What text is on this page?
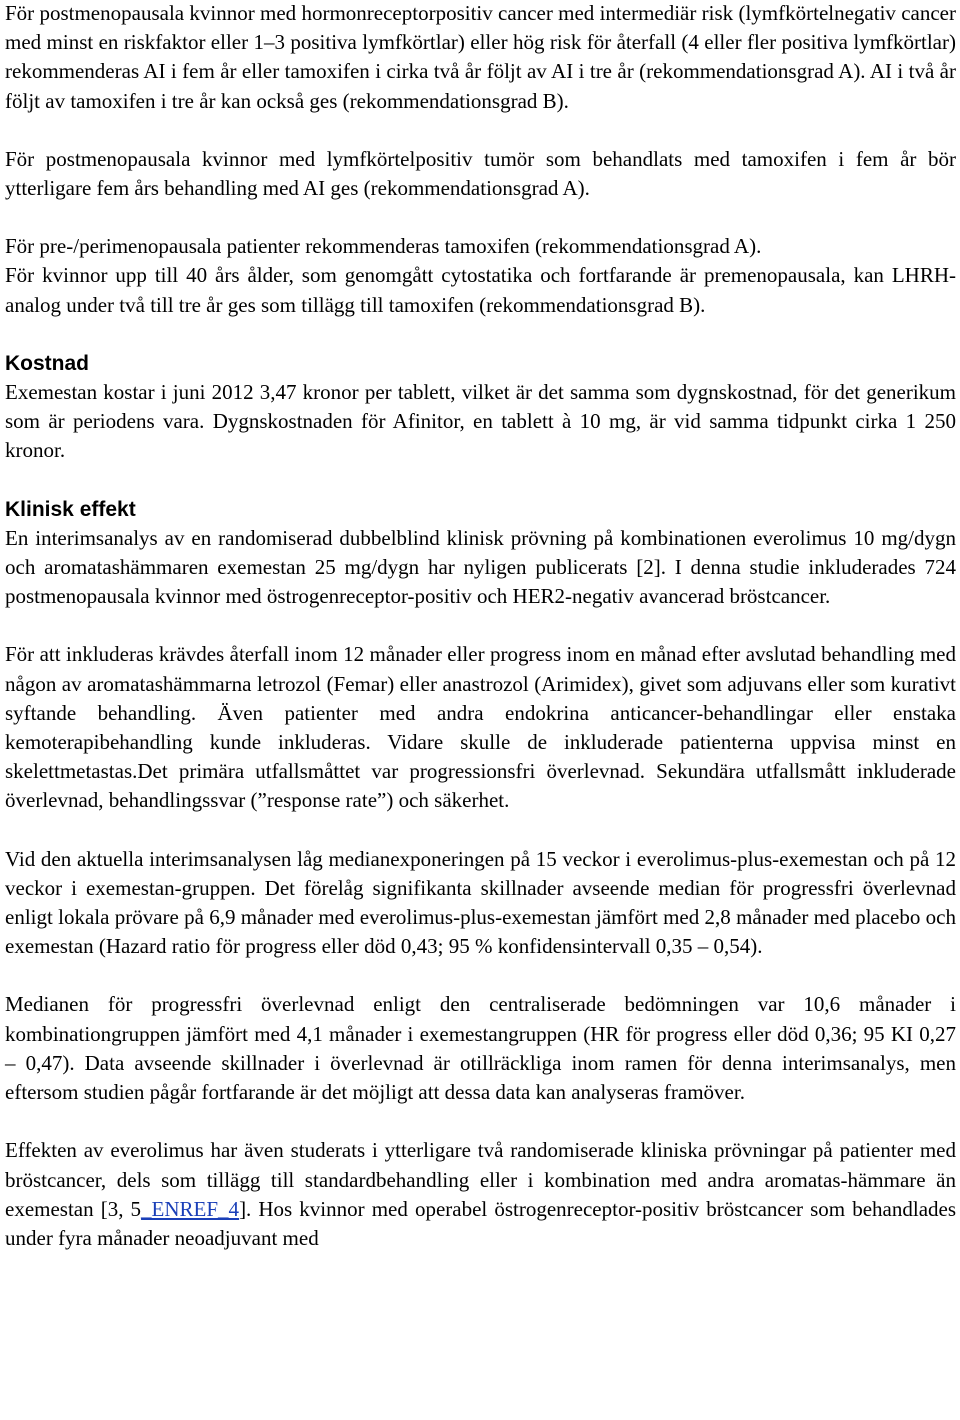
För postmenopausala kvinnor med hormonreceptorpositiv cancer med intermediär risk (lymfkörtelnegativ cancer med minst en riskfaktor eller 1–3 positiva lymfkörtlar) eller hög risk för återfall (4 eller fler positiva lymfkörtlar) rekommenderas AI i fem år eller tamoxifen i cirka två år följt av AI i tre år (rekommendationsgrad A). AI i två år följt av tamoxifen i tre år kan också ges (rekommendationsgrad B).

För postmenopausala kvinnor med lymfkörtelpositiv tumör som behandlats med tamoxifen i fem år bör ytterligare fem års behandling med AI ges (rekommendationsgrad A).

För pre-/perimenopausala patienter rekommenderas tamoxifen (rekommendationsgrad A).

För kvinnor upp till 40 års ålder, som genomgått cytostatika och fortfarande är premenopausala, kan LHRH-analog under två till tre år ges som tillägg till tamoxifen (rekommendationsgrad B).

Kostnad

Exemestan kostar i juni 2012 3,47 kronor per tablett, vilket är det samma som dygnskostnad, för det generikum som är periodens vara. Dygnskostnaden för Afinitor, en tablett à 10 mg, är vid samma tidpunkt cirka 1 250 kronor.

Klinisk effekt

En interimsanalys av en randomiserad dubbelblind klinisk prövning på kombinationen everolimus 10 mg/dygn och aromatashämmaren exemestan 25 mg/dygn har nyligen publicerats [2]. I denna studie inkluderades 724 postmenopausala kvinnor med östrogenreceptor-positiv och HER2-negativ avancerad bröstcancer.

För att inkluderas krävdes återfall inom 12 månader eller progress inom en månad efter avslutad behandling med någon av aromatashämmarna letrozol (Femar) eller anastrozol (Arimidex), givet som adjuvans eller som kurativt syftande behandling. Även patienter med andra endokrina anticancer-behandlingar eller enstaka kemoterapibehandling kunde inkluderas. Vidare skulle de inkluderade patienterna uppvisa minst en skelettmetastas.Det primära utfallsmåttet var progressionsfri överlevnad. Sekundära utfallsmått inkluderade överlevnad, behandlingssvar (”response rate”) och säkerhet.

Vid den aktuella interimsanalysen låg medianexponeringen på 15 veckor i everolimus-plus-exemestan och på 12 veckor i exemestan-gruppen. Det förelåg signifikanta skillnader avseende median för progressfri överlevnad enligt lokala prövare på 6,9 månader med everolimus-plus-exemestan jämfört med 2,8 månader med placebo och exemestan (Hazard ratio för progress eller död 0,43; 95 % konfidensintervall 0,35 – 0,54).

Medianen för progressfri överlevnad enligt den centraliserade bedömningen var 10,6 månader i kombinationgruppen jämfört med 4,1 månader i exemestangruppen (HR för progress eller död 0,36; 95 KI 0,27 – 0,47). Data avseende skillnader i överlevnad är otillräckliga inom ramen för denna interimsanalys, men eftersom studien pågår fortfarande är det möjligt att dessa data kan analyseras framöver.

Effekten av everolimus har även studerats i ytterligare två randomiserade kliniska prövningar på patienter med bröstcancer, dels som tillägg till standardbehandling eller i kombination med andra aromatas-hämmare än exemestan [3, 5_ENREF_4]. Hos kvinnor med operabel östrogenreceptor-positiv bröstcancer som behandlades under fyra månader neoadjuvant med
